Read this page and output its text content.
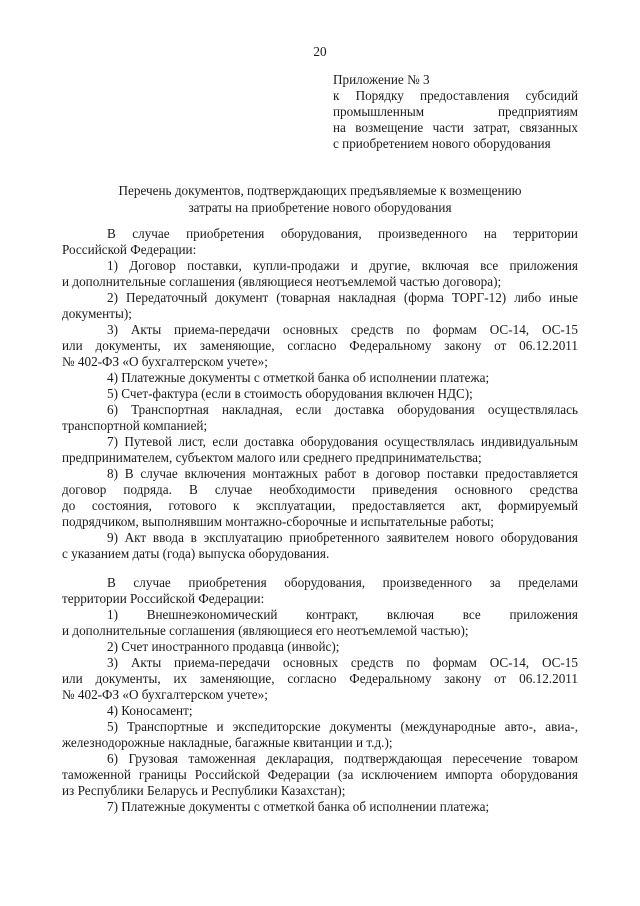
20
Приложение № 3
к Порядку предоставления субсидий
промышленным предприятиям
на возмещение части затрат, связанных
с приобретением нового оборудования
Перечень документов, подтверждающих предъявляемые к возмещению
затраты на приобретение нового оборудования
В случае приобретения оборудования, произведенного на территории
Российской Федерации:
1) Договор поставки, купли-продажи и другие, включая все приложения
и дополнительные соглашения (являющиеся неотъемлемой частью договора);
2) Передаточный документ (товарная накладная (форма ТОРГ-12) либо иные
документы);
3) Акты приема-передачи основных средств по формам ОС-14, ОС-15
или документы, их заменяющие, согласно Федеральному закону от 06.12.2011
№ 402-ФЗ «О бухгалтерском учете»;
4) Платежные документы с отметкой банка об исполнении платежа;
5) Счет-фактура (если в стоимость оборудования включен НДС);
6) Транспортная накладная, если доставка оборудования осуществлялась
транспортной компанией;
7) Путевой лист, если доставка оборудования осуществлялась индивидуальным
предпринимателем, субъектом малого или среднего предпринимательства;
8) В случае включения монтажных работ в договор поставки предоставляется
договор подряда. В случае необходимости приведения основного средства
до состояния, готового к эксплуатации, предоставляется акт, формируемый
подрядчиком, выполнявшим монтажно-сборочные и испытательные работы;
9) Акт ввода в эксплуатацию приобретенного заявителем нового оборудования
с указанием даты (года) выпуска оборудования.
В случае приобретения оборудования, произведенного за пределами
территории Российской Федерации:
1) Внешнеэкономический контракт, включая все приложения
и дополнительные соглашения (являющиеся его неотъемлемой частью);
2) Счет иностранного продавца (инвойс);
3) Акты приема-передачи основных средств по формам ОС-14, ОС-15
или документы, их заменяющие, согласно Федеральному закону от 06.12.2011
№ 402-ФЗ «О бухгалтерском учете»;
4) Коносамент;
5) Транспортные и экспедиторские документы (международные авто-, авиа-,
железнодорожные накладные, багажные квитанции и т.д.);
6) Грузовая таможенная декларация, подтверждающая пересечение товаром
таможенной границы Российской Федерации (за исключением импорта оборудования
из Республики Беларусь и Республики Казахстан);
7) Платежные документы с отметкой банка об исполнении платежа;
